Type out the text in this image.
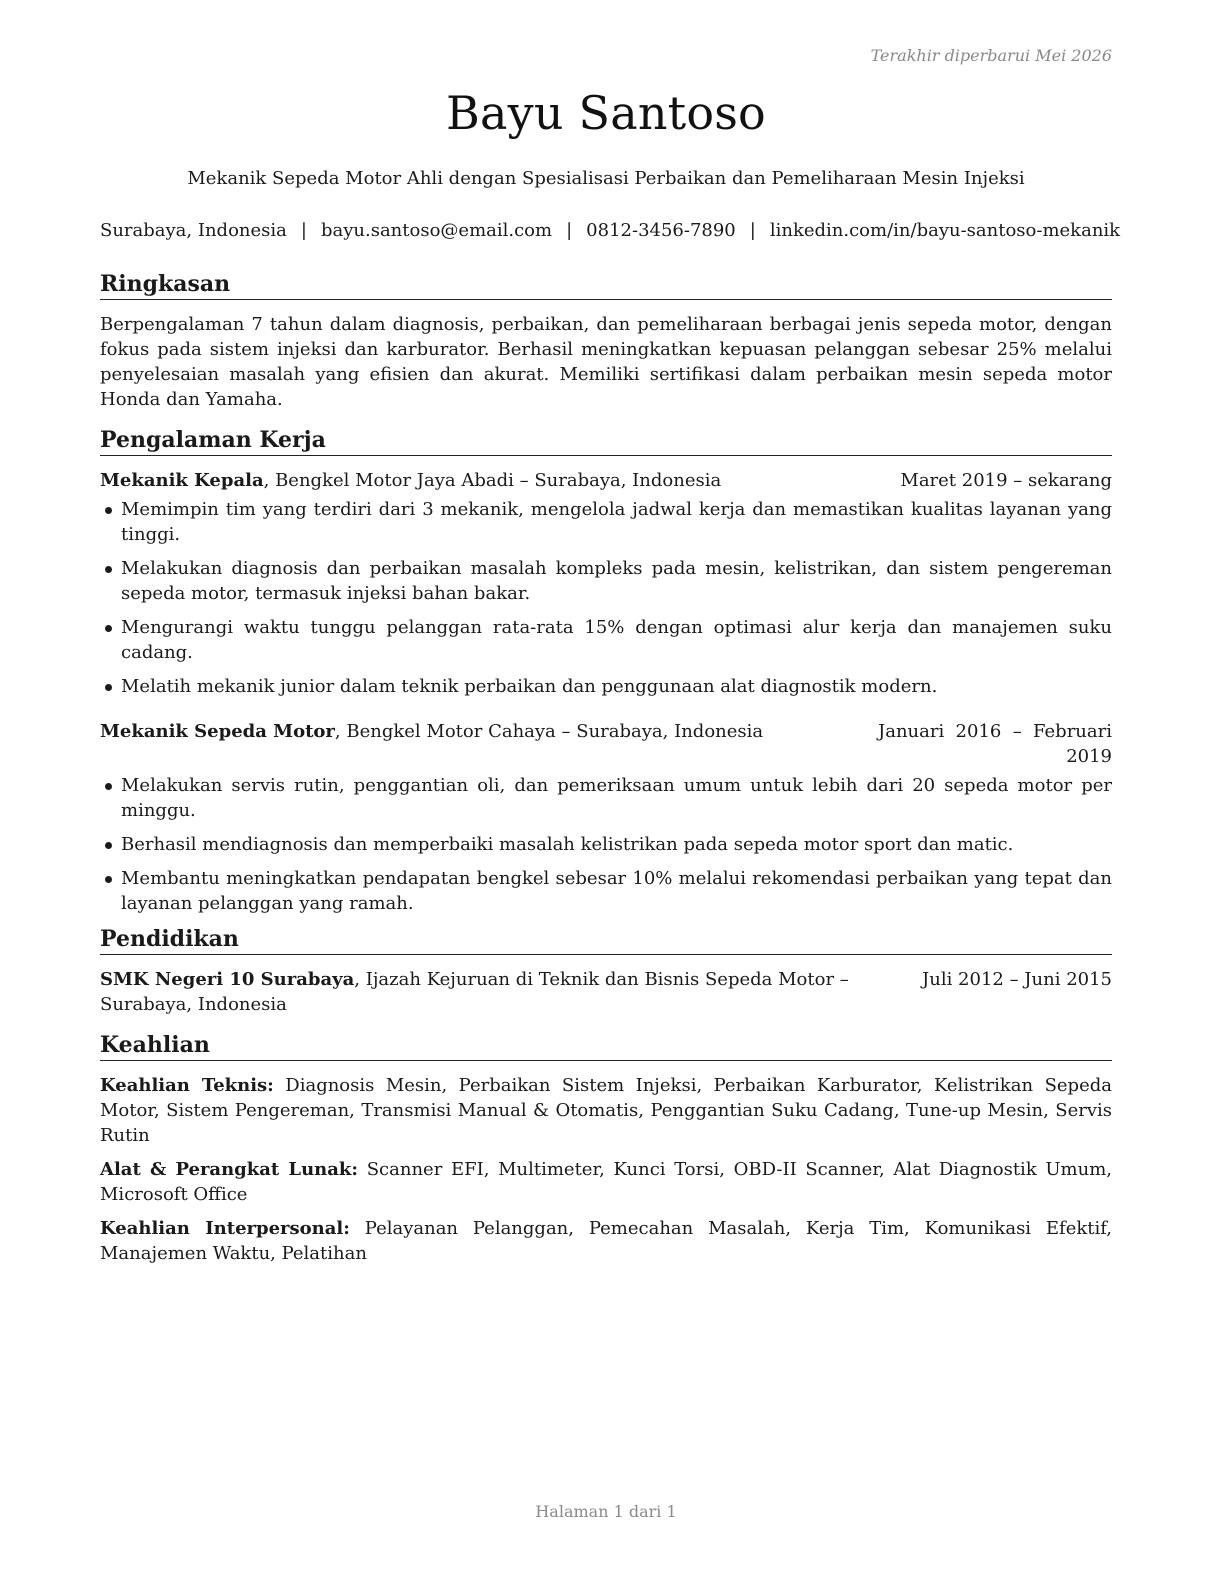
Terakhir diperbarui Mei 2026
Bayu Santoso
Mekanik Sepeda Motor Ahli dengan Spesialisasi Perbaikan dan Pemeliharaan Mesin Injeksi
Surabaya, Indonesia | bayu.santoso@email.com | 0812-3456-7890 | linkedin.com/in/bayu-santoso-mekanik
Ringkasan

Berpengalaman 7 tahun dalam diagnosis, perbaikan, dan pemeliharaan berbagai jenis sepeda motor, dengan fokus pada sistem injeksi dan karburator. Berhasil meningkatkan kepuasan pelanggan sebesar 25% melalui penyelesaian masalah yang efisien dan akurat. Memiliki sertifikasi dalam perbaikan mesin sepeda motor Honda dan Yamaha.

Pengalaman Kerja
Mekanik Kepala, Bengkel Motor Jaya Abadi – Surabaya, Indonesia	Maret 2019 – sekarang
Memimpin tim yang terdiri dari 3 mekanik, mengelola jadwal kerja dan memastikan kualitas layanan yang tinggi.
Melakukan diagnosis dan perbaikan masalah kompleks pada mesin, kelistrikan, dan sistem pengereman sepeda motor, termasuk injeksi bahan bakar.
Mengurangi waktu tunggu pelanggan rata-rata 15% dengan optimasi alur kerja dan manajemen suku cadang.
Melatih mekanik junior dalam teknik perbaikan dan penggunaan alat diagnostik modern.
Mekanik Sepeda Motor, Bengkel Motor Cahaya – Surabaya, Indonesia	Januari 2016 – Februari 2019
Melakukan servis rutin, penggantian oli, dan pemeriksaan umum untuk lebih dari 20 sepeda motor per minggu.
Berhasil mendiagnosis dan memperbaiki masalah kelistrikan pada sepeda motor sport dan matic.
Membantu meningkatkan pendapatan bengkel sebesar 10% melalui rekomendasi perbaikan yang tepat dan layanan pelanggan yang ramah.
Pendidikan
SMK Negeri 10 Surabaya, Ijazah Kejuruan di Teknik dan Bisnis Sepeda Motor – Surabaya, Indonesia
Juli 2012 – Juni 2015
Keahlian
Keahlian Teknis: Diagnosis Mesin, Perbaikan Sistem Injeksi, Perbaikan Karburator, Kelistrikan Sepeda Motor, Sistem Pengereman, Transmisi Manual & Otomatis, Penggantian Suku Cadang, Tune-up Mesin, Servis Rutin
Alat & Perangkat Lunak: Scanner EFI, Multimeter, Kunci Torsi, OBD-II Scanner, Alat Diagnostik Umum, Microsoft Office
Keahlian Interpersonal: Pelayanan Pelanggan, Pemecahan Masalah, Kerja Tim, Komunikasi Efektif, Manajemen Waktu, Pelatihan
Halaman 1 dari 1
